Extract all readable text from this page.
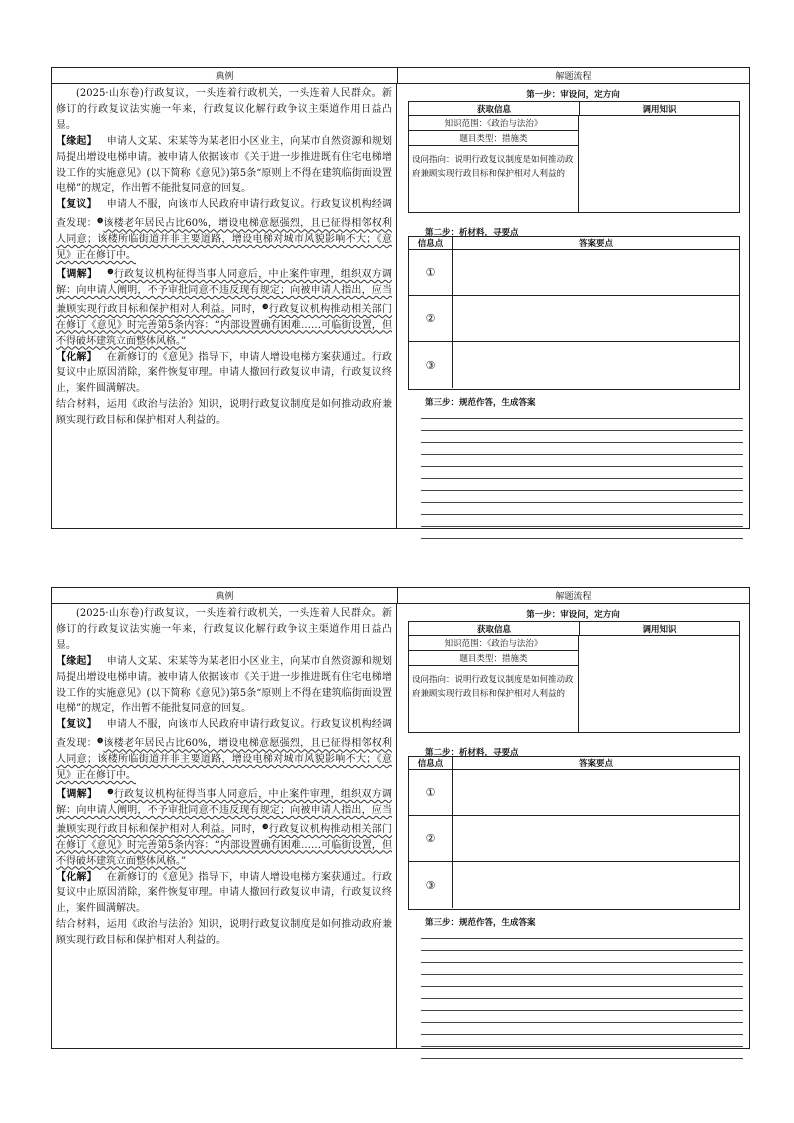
典例	解题流程

(2025·山东卷)行政复议，一头连着行政机关，一头连着人民群众。新修订的行政复议法实施一年来，行政复议化解行政争议主渠道作用日益凸显。

【缘起】 申请人文某、宋某等为某老旧小区业主，向某市自然资源和规划局提出增设电梯申请。被申请人依据该市《关于进一步推进既有住宅电梯增设工作的实施意见》(以下简称《意见》)第5条“原则上不得在建筑临街面设置电梯”的规定，作出暂不能批复同意的回复。

【复议】 申请人不服，向该市人民政府申请行政复议。行政复议机构经调查发现：$^❶$该楼老年居民占比60%，增设电梯意愿强烈，且已征得相邻权利人同意；该楼所临街道并非主要道路，增设电梯对城市风貌影响不大；《意见》正在修订中。

【调解】 $^❷$行政复议机构征得当事人同意后，中止案件审理，组织双方调解：向申请人阐明，不予审批同意不违反现有规定；向被申请人指出，应当兼顾实现行政目标和保护相对人利益。同时，$^❸$行政复议机构推动相关部门在修订《意见》时完善第5条内容：“内部设置确有困难……可临街设置，但不得破坏建筑立面整体风格。”

【化解】 在新修订的《意见》指导下，申请人增设电梯方案获通过。行政复议中止原因消除，案件恢复审理。申请人撤回行政复议申请，行政复议终止，案件圆满解决。

结合材料，运用《政治与法治》知识，说明行政复议制度是如何推动政府兼顾实现行政目标和保护相对人利益的。

第一步：审设问，定方向
获取信息	调用知识
知识范围：《政治与法治》
题目类型：措施类
设问指向：说明行政复议制度是如何推动政府兼顾实现行政目标和保护相对人利益的
第二步：析材料，寻要点
信息点	答案要点
①
②
③
第三步：规范作答，生成答案
典例	解题流程

(2025·山东卷)行政复议，一头连着行政机关，一头连着人民群众。新修订的行政复议法实施一年来，行政复议化解行政争议主渠道作用日益凸显。

【缘起】 申请人文某、宋某等为某老旧小区业主，向某市自然资源和规划局提出增设电梯申请。被申请人依据该市《关于进一步推进既有住宅电梯增设工作的实施意见》(以下简称《意见》)第5条“原则上不得在建筑临街面设置电梯”的规定，作出暂不能批复同意的回复。

【复议】 申请人不服，向该市人民政府申请行政复议。行政复议机构经调查发现：$^❶$该楼老年居民占比60%，增设电梯意愿强烈，且已征得相邻权利人同意；该楼所临街道并非主要道路，增设电梯对城市风貌影响不大；《意见》正在修订中。

【调解】 $^❷$行政复议机构征得当事人同意后，中止案件审理，组织双方调解：向申请人阐明，不予审批同意不违反现有规定；向被申请人指出，应当兼顾实现行政目标和保护相对人利益。同时，$^❸$行政复议机构推动相关部门在修订《意见》时完善第5条内容：“内部设置确有困难……可临街设置，但不得破坏建筑立面整体风格。”

【化解】 在新修订的《意见》指导下，申请人增设电梯方案获通过。行政复议中止原因消除，案件恢复审理。申请人撤回行政复议申请，行政复议终止，案件圆满解决。

结合材料，运用《政治与法治》知识，说明行政复议制度是如何推动政府兼顾实现行政目标和保护相对人利益的。

第一步：审设问，定方向
获取信息	调用知识
知识范围：《政治与法治》
题目类型：措施类
设问指向：说明行政复议制度是如何推动政府兼顾实现行政目标和保护相对人利益的
第二步：析材料，寻要点
信息点	答案要点
①
②
③
第三步：规范作答，生成答案
